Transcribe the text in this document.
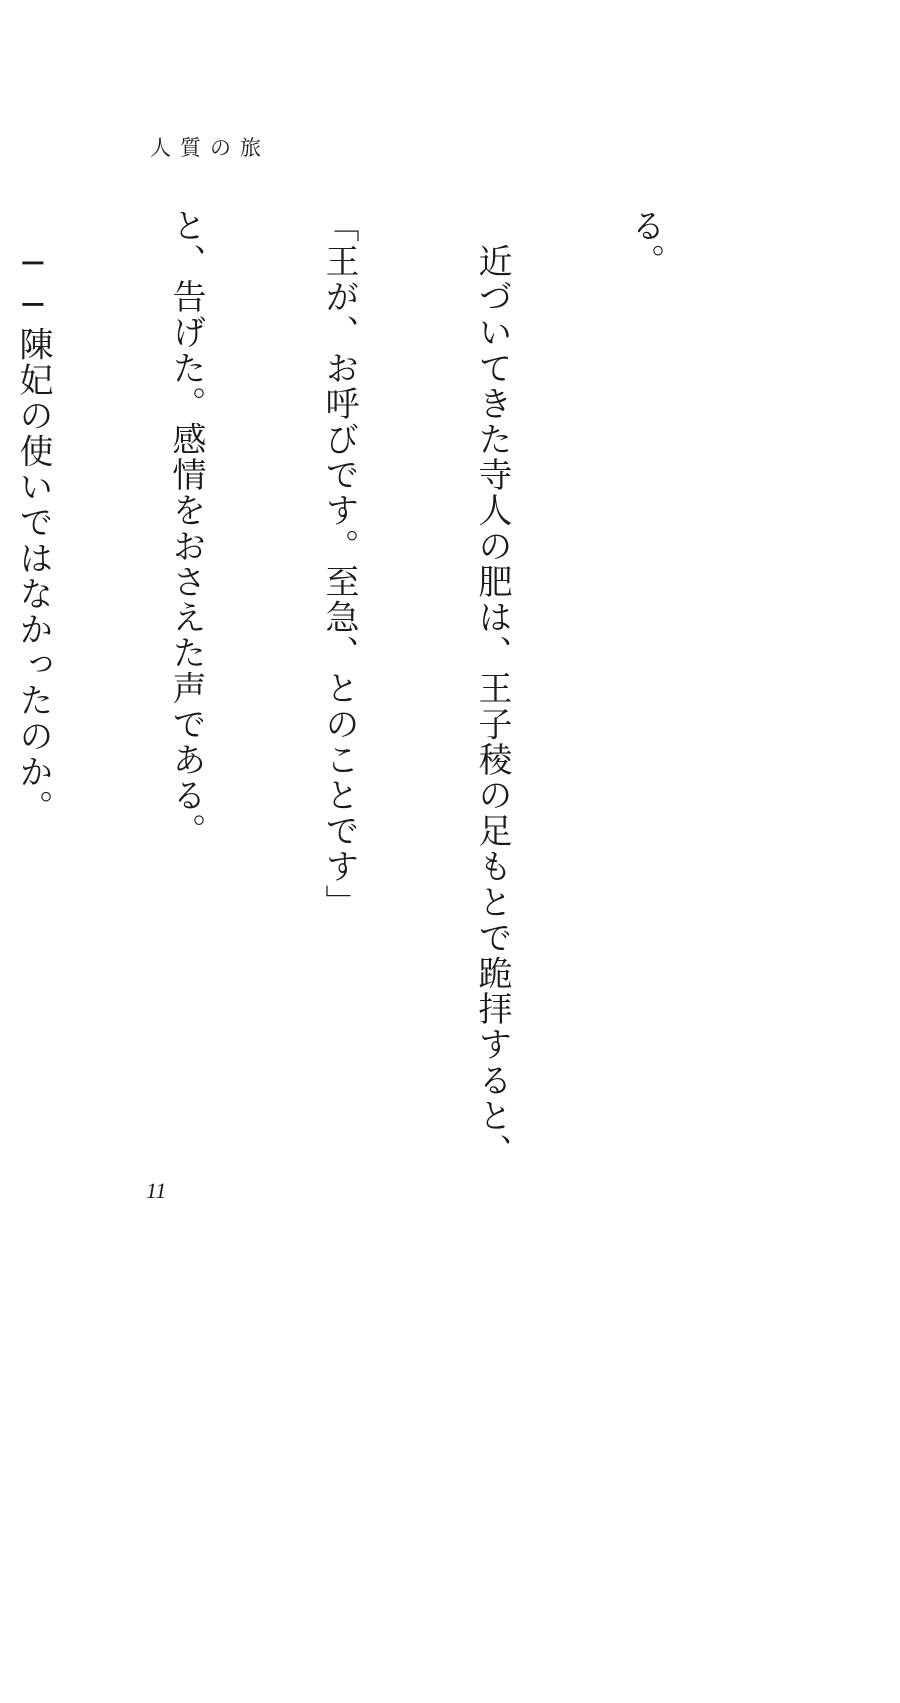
人質の旅

る。

　近づいてきた寺人の肥は、王子稜の足もとで跪拝すると、

「王が、お呼びです。至急、とのことです」

と、告げた。感情をおさえた声である。

　──陳妃の使いではなかったのか。

11
